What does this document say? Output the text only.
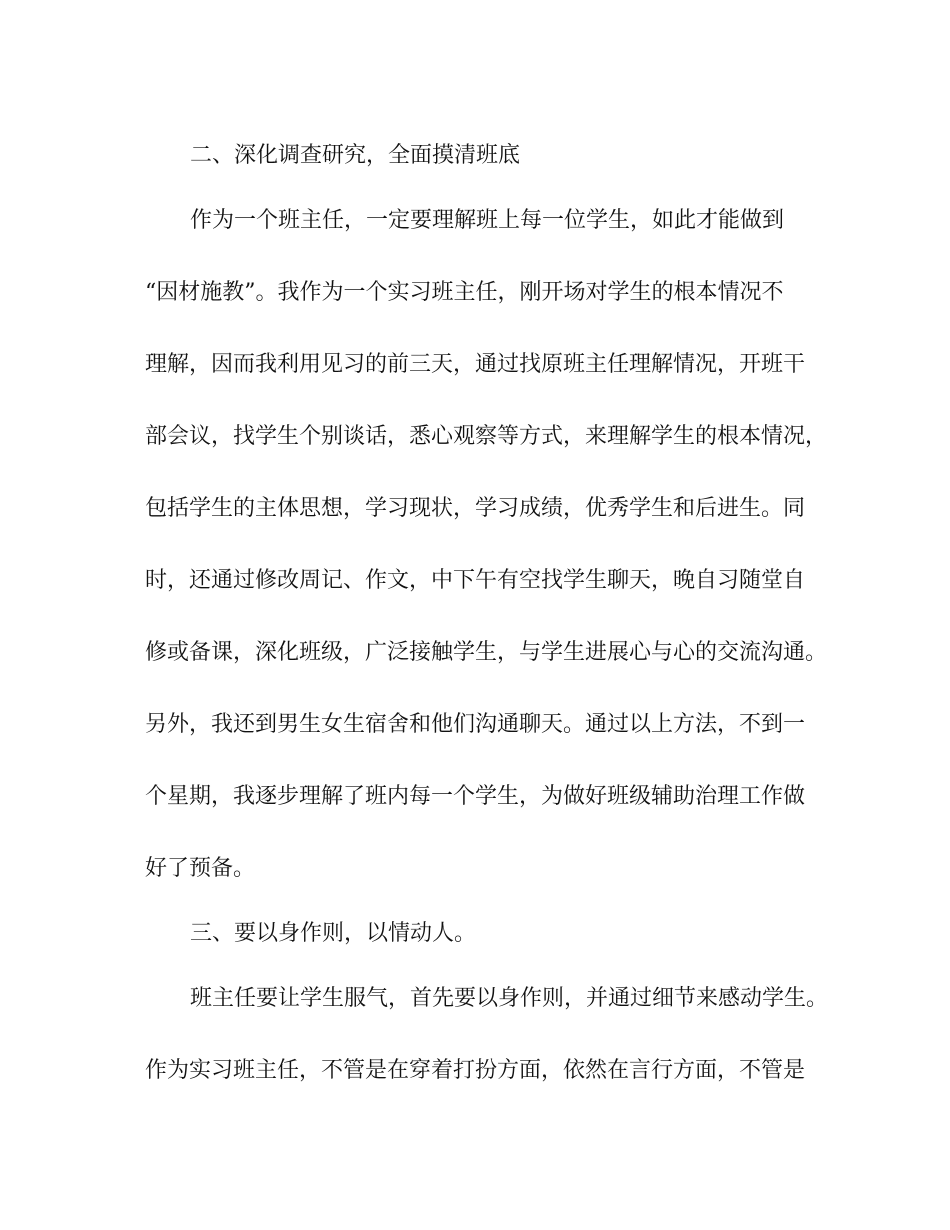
二、深化调查研究，全面摸清班底
作为一个班主任，一定要理解班上每一位学生，如此才能做到
“因材施教”。我作为一个实习班主任，刚开场对学生的根本情况不
理解，因而我利用见习的前三天，通过找原班主任理解情况，开班干
部会议，找学生个别谈话，悉心观察等方式，来理解学生的根本情况，
包括学生的主体思想，学习现状，学习成绩，优秀学生和后进生。同
时，还通过修改周记、作文，中下午有空找学生聊天，晚自习随堂自
修或备课，深化班级，广泛接触学生，与学生进展心与心的交流沟通。
另外，我还到男生女生宿舍和他们沟通聊天。通过以上方法，不到一
个星期，我逐步理解了班内每一个学生，为做好班级辅助治理工作做
好了预备。
三、要以身作则，以情动人。
班主任要让学生服气，首先要以身作则，并通过细节来感动学生。
作为实习班主任，不管是在穿着打扮方面，依然在言行方面，不管是
